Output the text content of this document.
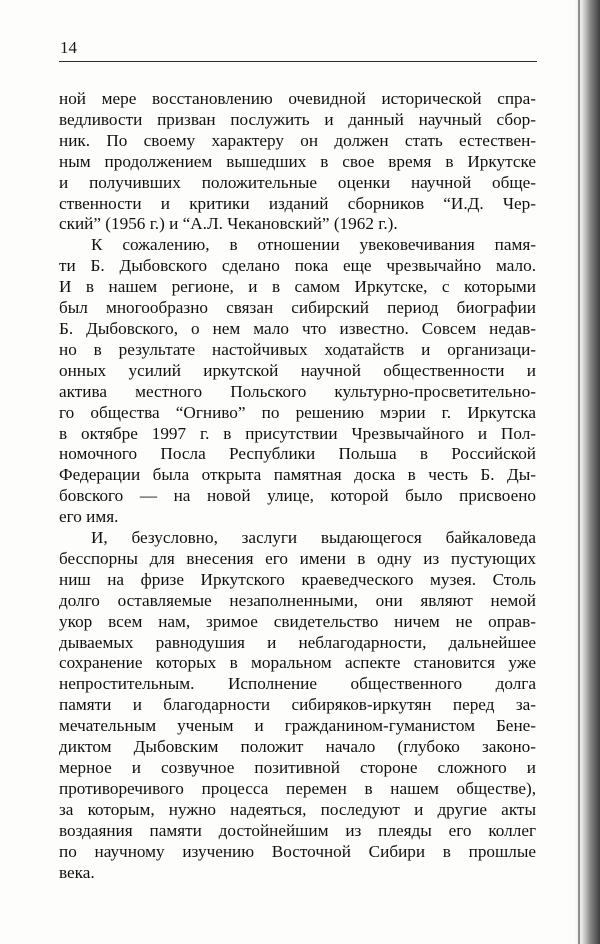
14
ной мере восстановлению очевидной исторической спра-
ведливости призван послужить и данный научный сбор-
ник. По своему характеру он должен стать естествен-
ным продолжением вышедших в свое время в Иркутске
и получивших положительные оценки научной обще-
ственности и критики изданий сборников “И.Д. Чер-
ский” (1956 г.) и “А.Л. Чекановский” (1962 г.).
К сожалению, в отношении увековечивания памя-
ти Б. Дыбовского сделано пока еще чрезвычайно мало.
И в нашем регионе, и в самом Иркутске, с которыми
был многообразно связан сибирский период биографии
Б. Дыбовского, о нем мало что известно. Совсем недав-
но в результате настойчивых ходатайств и организаци-
онных усилий иркутской научной общественности и
актива местного Польского культурно-просветительно-
го общества “Огниво” по решению мэрии г. Иркутска
в октябре 1997 г. в присутствии Чрезвычайного и Пол-
номочного Посла Республики Польша в Российской
Федерации была открыта памятная доска в честь Б. Ды-
бовского — на новой улице, которой было присвоено
его имя.
И, безусловно, заслуги выдающегося байкаловеда
бесспорны для внесения его имени в одну из пустующих
ниш на фризе Иркутского краеведческого музея. Столь
долго оставляемые незаполненными, они являют немой
укор всем нам, зримое свидетельство ничем не оправ-
дываемых равнодушия и неблагодарности, дальнейшее
сохранение которых в моральном аспекте становится уже
непростительным. Исполнение общественного долга
памяти и благодарности сибиряков-иркутян перед за-
мечательным ученым и гражданином-гуманистом Бене-
диктом Дыбовским положит начало (глубоко законо-
мерное и созвучное позитивной стороне сложного и
противоречивого процесса перемен в нашем обществе),
за которым, нужно надеяться, последуют и другие акты
воздаяния памяти достойнейшим из плеяды его коллег
по научному изучению Восточной Сибири в прошлые
века.
